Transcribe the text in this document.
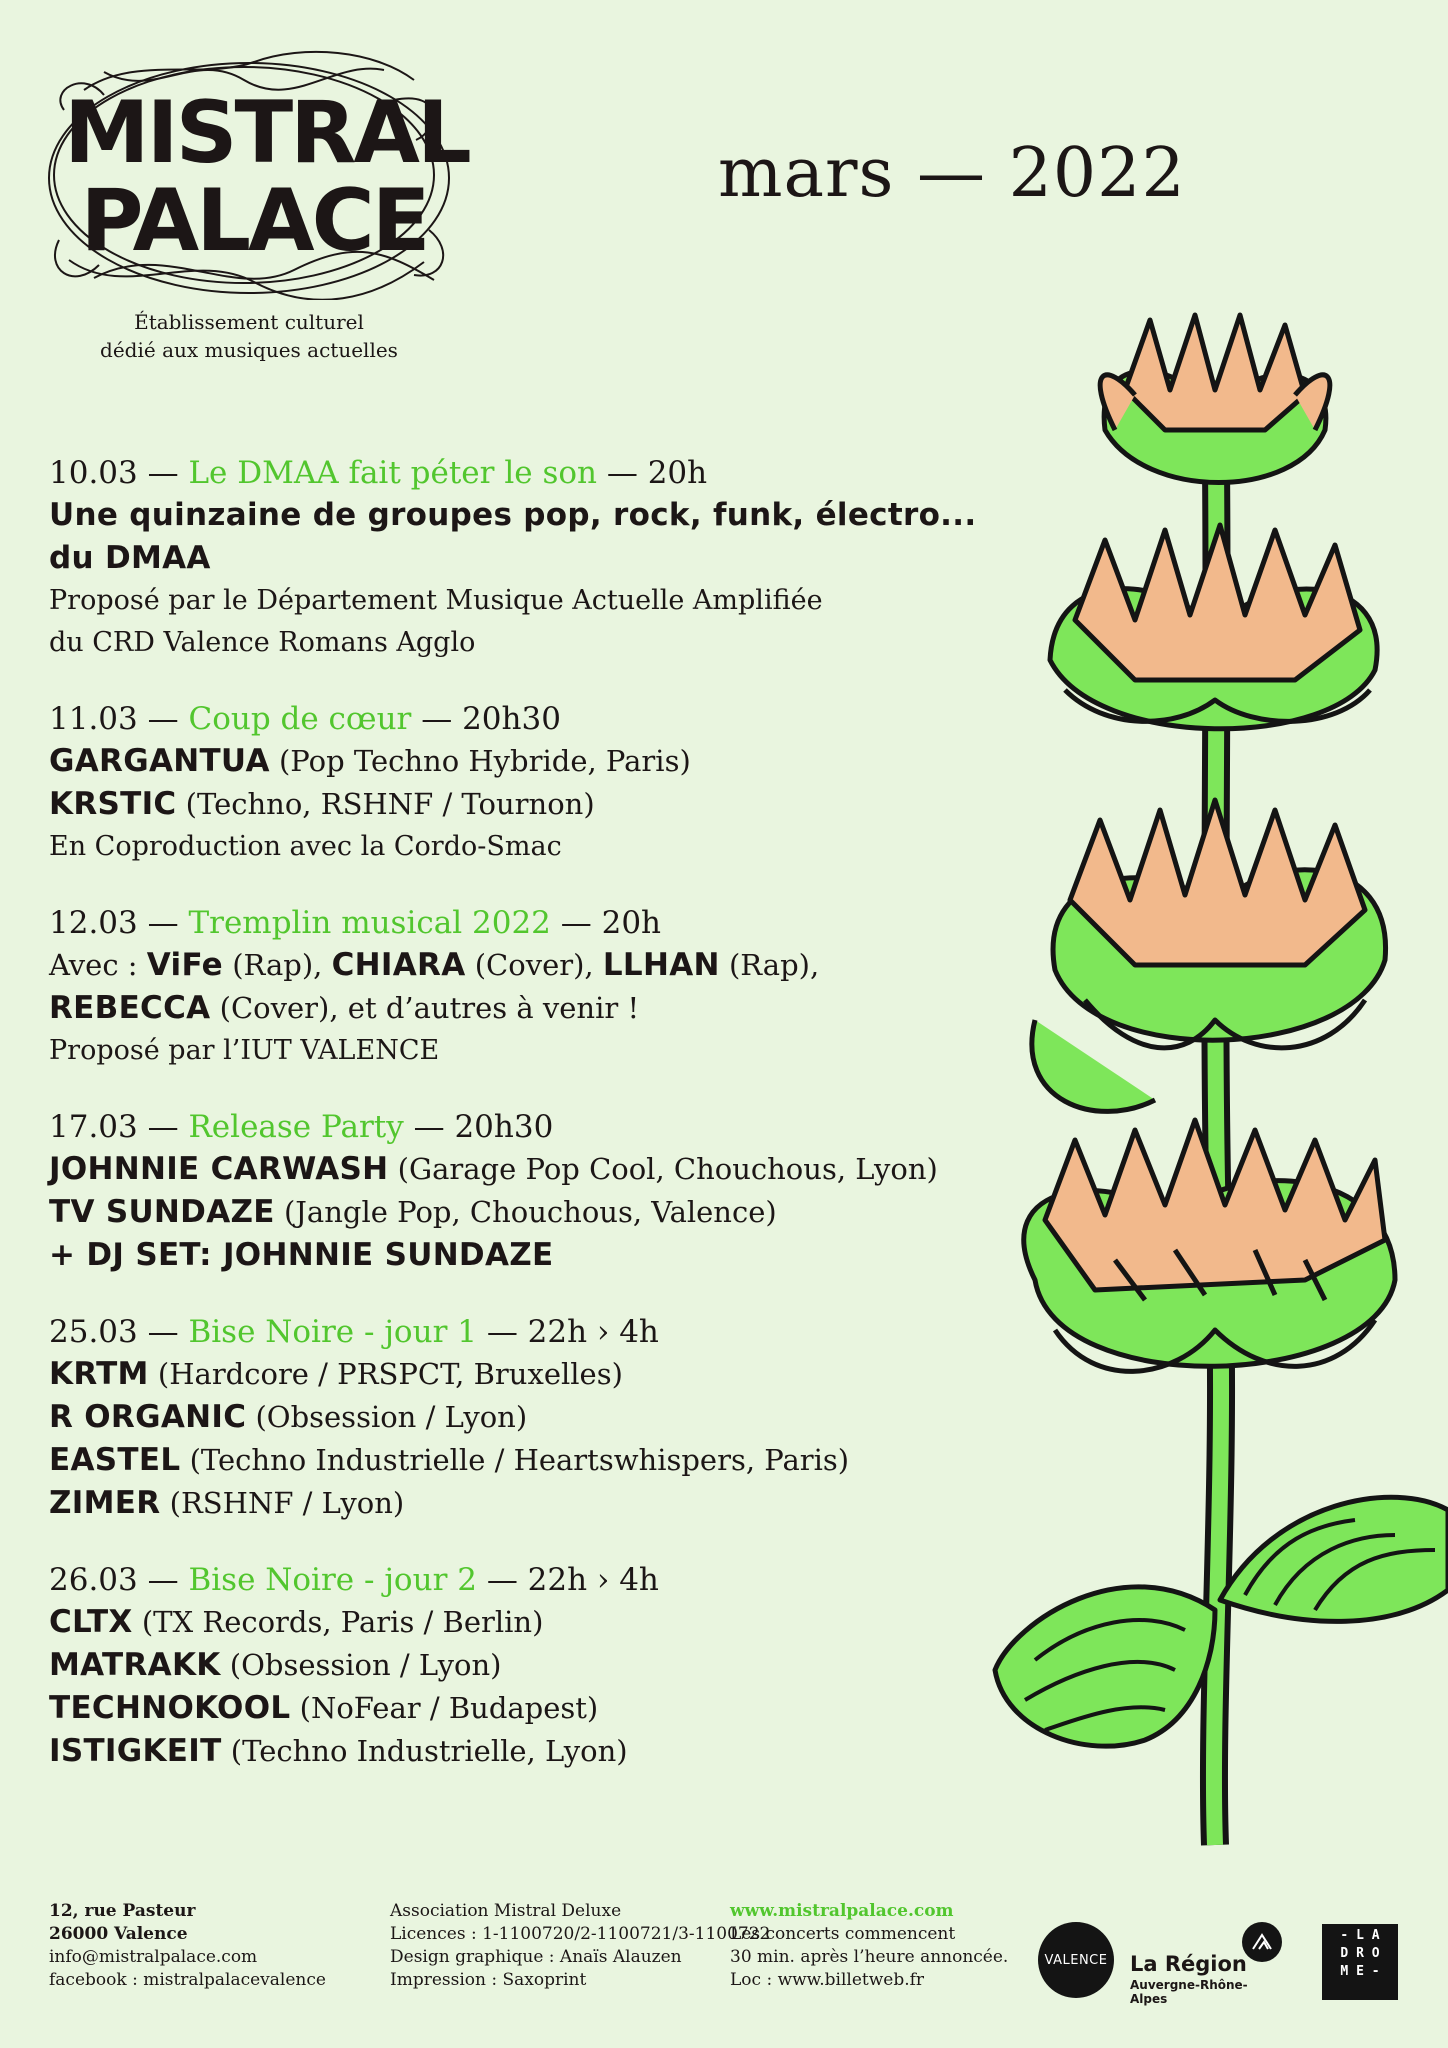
MISTRAL
PALACE
Établissement culturel
dédié aux musiques actuelles
mars — 2022
10.03 — Le DMAA fait péter le son — 20h
Une quinzaine de groupes pop, rock, funk, électro...
du DMAA
Proposé par le Département Musique Actuelle Amplifiée
du CRD Valence Romans Agglo
11.03 — Coup de cœur — 20h30
GARGANTUA (Pop Techno Hybride, Paris)
KRSTIC (Techno, RSHNF / Tournon)
En Coproduction avec la Cordo-Smac
12.03 — Tremplin musical 2022 — 20h
Avec : ViFe (Rap), CHIARA (Cover), LLHAN (Rap),
REBECCA (Cover), et d’autres à venir !
Proposé par l’IUT VALENCE
17.03 — Release Party — 20h30
JOHNNIE CARWASH (Garage Pop Cool, Chouchous, Lyon)
TV SUNDAZE (Jangle Pop, Chouchous, Valence)
+ DJ SET: JOHNNIE SUNDAZE
25.03 — Bise Noire - jour 1 — 22h › 4h
KRTM (Hardcore / PRSPCT, Bruxelles)
R ORGANIC (Obsession / Lyon)
EASTEL (Techno Industrielle / Heartswhispers, Paris)
ZIMER (RSHNF / Lyon)
26.03 — Bise Noire - jour 2 — 22h › 4h
CLTX (TX Records, Paris / Berlin)
MATRAKK (Obsession / Lyon)
TECHNOKOOL (NoFear / Budapest)
ISTIGKEIT (Techno Industrielle, Lyon)
12, rue Pasteur
26000 Valence
info@mistralpalace.com
facebook : mistralpalacevalence
Association Mistral Deluxe
Licences : 1-1100720/2-1100721/3-1100722
Design graphique : Anaïs Alauzen
Impression : Saxoprint
www.mistralpalace.com
Les concerts commencent
30 min. après l’heure annoncée.
Loc : www.billetweb.fr
VALENCE La Région
Auvergne-Rhône-Alpes
- L A
D R O
M E -
